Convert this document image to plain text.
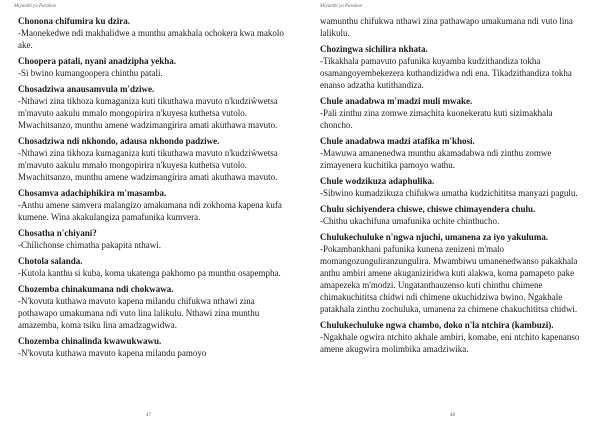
Miyambi ya Patsikoe
Chonona chifumira ku dzira.
-Maonekedwe ndi makhalidwe a munthu amakhala ochokera kwa makolo ake.
Choopera patali, nyani anadzipha yekha.
-Si bwino kumangoopera chinthu patali.
Chosadziwa anausamvula m'dziwe.
-Nthawi zina tikhoza kumaganiza kuti tikuthawa mavuto n'kudziŵwetsa m'mavuto aakulu mmalo mongopirira n'kuyesa kuthetsa vutolo. Mwachitsanzo, munthu amene wadzimangirira amati akuthawa mavuto.
Chosadziwa ndi nkhondo, adausa nkhondo padziwe.
-Nthawi zina tikhoza kumaganiza kuti tikuthawa mavuto n'kudziŵwetsa m'mavuto aakulu mmalo mongopirira n'kuyesa kuthetsa vutolo. Mwachitsanzo, munthu amene wadzimangirira amati akuthawa mavuto.
Chosamva adachiphikira m'masamba.
-Anthu amene samvera malangizo amakumana ndi zokhoma kapena kufa kumene. Wina akakulangiza pamafunika kumvera.
Chosatha n'chiyani?
-Chilichonse chimatha pakapita nthawi.
Chotola salanda.
-Kutola kanthu si kuba, koma ukatenga pakhomo pa munthu osapempha.
Chozemba chinakumana ndi chokwawa.
-N'kovuta kuthawa mavuto kapena milandu chifukwa nthawi zina pothawapo umakumana ndi vuto lina lalikulu. Nthawi zina munthu amazemba, koma tsiku lina amadzagwidwa.
Chozemba chinalinda kwawukwawu.
-N'kovuta kuthawa mavuto kapena milandu pamoyo
47
Miyambi ya Patsikoe
wamunthu chifukwa nthawi zina pathawapo umakumana ndi vuto lina lalikulu.
Chozingwa sichilira nkhata.
-Tikakhala pamavuto pafunika kuyamba kudzithandiza tokha osamangoyembekezera kuthandizidwa ndi ena. Tikadzithandiza tokha enanso adzatha kutithandiza.
Chule anadabwa m'madzi muli mwake.
-Pali zinthu zina zomwe zimachita kuonekeratu kuti sizimakhala choncho.
Chule anadabwa madzi atafika m'khosi.
-Mawuwa amanenedwa munthu akamadabwa ndi zinthu zomwe zimayenera kuchitika pamoyo wathu.
Chule wodzikuza adaphulika.
-Sibwino kumadzikuza chifukwa umatha kudzichititsa manyazi pagulu.
Chulu sichiyendera chiswe, chiswe chimayendera chulu.
-Chithu ukachifuna umafunika uchite chinthucho.
Chulukechuluke n'ngwa njuchi, umanena za iyo yakuluma.
-Pokambankhani pafunika kunena zenizeni m'malo momangozunguliranzungulira. Mwambiwu umanenedwanso pakakhala anthu ambiri amene akuganiziridwa kuti alakwa, koma pamapeto pake amapezeka m'modzi. Ungatanthauzenso kuti chinthu chimene chimakuchititsa chidwi ndi chimene ukuchidziwa bwino. Ngakhale patakhala zinthu zochuluka, umanena za chimene chakuchititsa chidwi.
Chulukechuluke ngwa chambo, doko n'la ntchira (kambuzi).
-Ngakhale ogwira ntchito akhale ambiri, komabe, eni ntchito kapenanso amene akugwira molimbika amadziwika.
48
